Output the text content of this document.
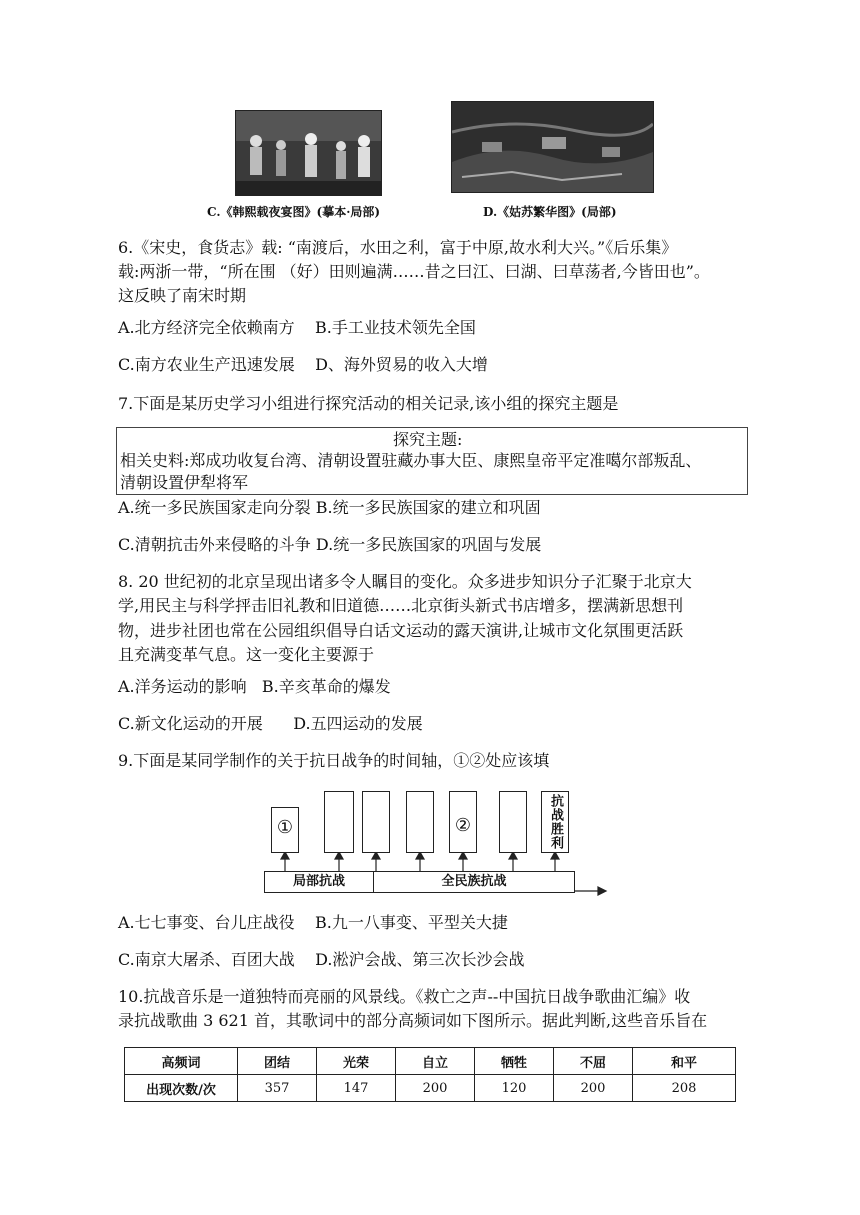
C.《韩熙载夜宴图》(摹本·局部)	D.《姑苏繁华图》(局部)
6.《宋史，食货志》载: “南渡后，水田之利，富于中原,故水利大兴。”《后乐集》
载:两浙一带，“所在围 （好）田则遍满……昔之曰江、曰湖、曰草荡者,今皆田也”。
这反映了南宋时期
A.北方经济完全依赖南方    B.手工业技术领先全国
C.南方农业生产迅速发展    D、海外贸易的收入大增
7.下面是某历史学习小组进行探究活动的相关记录,该小组的探究主题是
探究主题:
相关史料:郑成功收复台湾、清朝设置驻藏办事大臣、康熙皇帝平定准噶尔部叛乱、
清朝设置伊犁将军
A.统一多民族国家走向分裂 B.统一多民族国家的建立和巩固
C.清朝抗击外来侵略的斗争 D.统一多民族国家的巩固与发展
8. 20 世纪初的北京呈现出诸多令人瞩目的变化。众多进步知识分子汇聚于北京大
学,用民主与科学抨击旧礼教和旧道德……北京街头新式书店增多，摆满新思想刊
物，进步社团也常在公园组织倡导白话文运动的露天演讲,让城市文化氛围更活跃
且充满变革气息。这一变化主要源于
A.洋务运动的影响   B.辛亥革命的爆发
C.新文化运动的开展      D.五四运动的发展
9.下面是某同学制作的关于抗日战争的时间轴，①②处应该填
①	②	抗战胜利
局部抗战	全民族抗战
A.七七事变、台儿庄战役    B.九一八事变、平型关大捷
C.南京大屠杀、百团大战    D.淞沪会战、第三次长沙会战
10.抗战音乐是一道独特而亮丽的风景线。《救亡之声--中国抗日战争歌曲汇编》收
录抗战歌曲 3 621 首，其歌词中的部分高频词如下图所示。据此判断,这些音乐旨在
高频词	团结	光荣	自立	牺牲	不屈	和平
出现次数/次	357	147	200	120	200	208
